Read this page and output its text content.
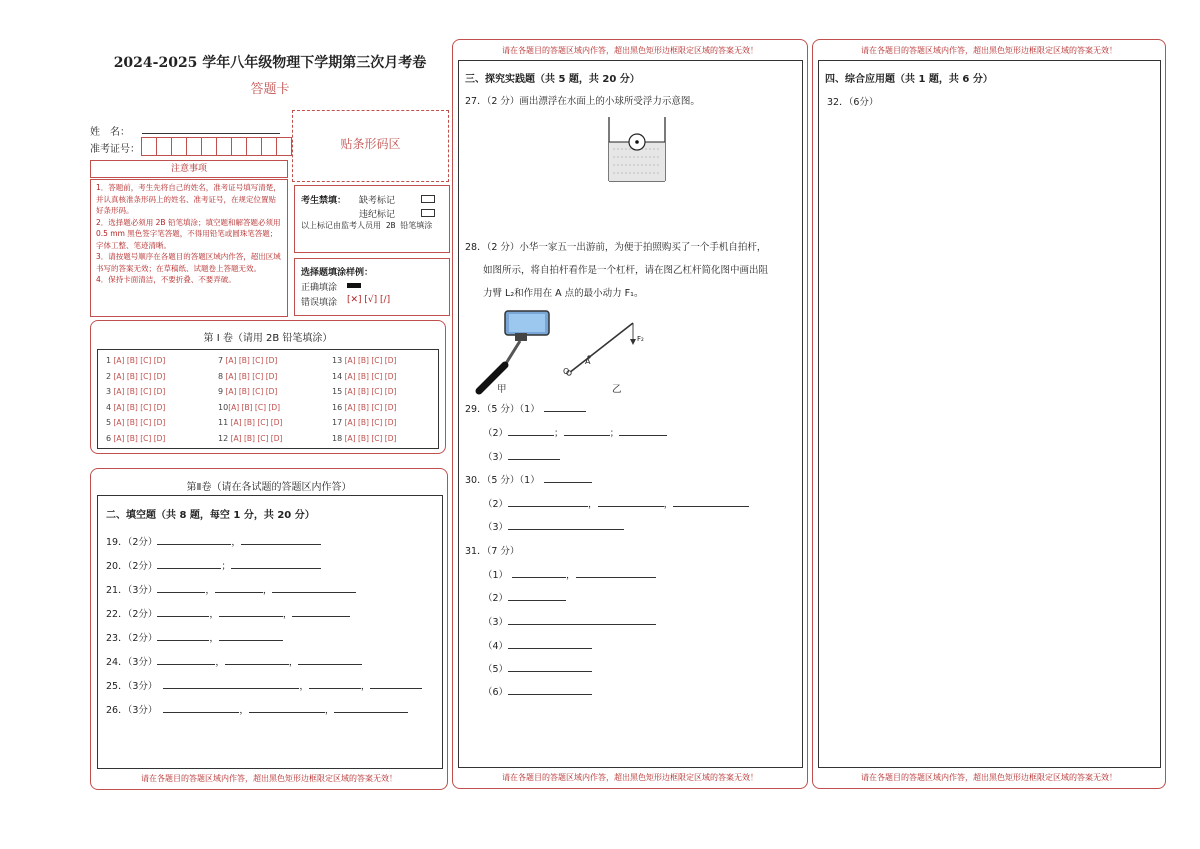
2024-2025 学年八年级物理下学期第三次月考卷
答题卡
姓　名：
准考证号：	贴条形码区
注意事项
1．答题前，考生先将自己的姓名，准考证号填写清楚，并认真核准条形码上的姓名、准考证号，在规定位置贴好条形码。
2．选择题必须用 2B 铅笔填涂；填空题和解答题必须用 0.5 mm 黑色签字笔答题，不得用铅笔或圆珠笔答题；字体工整、笔迹清晰。
3．请按题号顺序在各题目的答题区域内作答，超出区域书写的答案无效；在草稿纸、试题卷上答题无效。
4．保持卡面清洁，不要折叠、不要弄破。
考生禁填： 缺考标记
违纪标记
以上标记由监考人员用 2B 铅笔填涂
选择题填涂样例：
正确填涂
错误填涂 [✕] [√] [/]
第 I 卷（请用 2B 铅笔填涂）
1 [A] [B] [C] [D]
2 [A] [B] [C] [D]
3 [A] [B] [C] [D]
4 [A] [B] [C] [D]
5 [A] [B] [C] [D]
6 [A] [B] [C] [D]
7 [A] [B] [C] [D]
8 [A] [B] [C] [D]
9 [A] [B] [C] [D]
10[A] [B] [C] [D]
11 [A] [B] [C] [D]
12 [A] [B] [C] [D]
13 [A] [B] [C] [D]
14 [A] [B] [C] [D]
15 [A] [B] [C] [D]
16 [A] [B] [C] [D]
17 [A] [B] [C] [D]
18 [A] [B] [C] [D]
第Ⅱ卷（请在各试题的答题区内作答）
二、填空题（共 8 题，每空 1 分，共 20 分）
19．（2分）	，
20．（2分）	；
21．（3分）	，	，
22．（2分）	，	，
23．（2分）	，
24．（3分）	，	，
25．（3分）	，	，
26．（3分）	，	，
请在各题目的答题区域内作答，超出黑色矩形边框限定区域的答案无效！
请在各题目的答题区域内作答，超出黑色矩形边框限定区域的答案无效！
三、探究实践题（共 5 题，共 20 分）
27．（2 分）画出漂浮在水面上的小球所受浮力示意图。
28．（2 分）小华一家五一出游前，为便于拍照购买了一个手机自拍杆，
如图所示，将自拍杆看作是一个杠杆，请在图乙杠杆简化图中画出阻
力臂 L₂和作用在 A 点的最小动力 F₁。
甲
O
A
F₂
乙
29．（5 分）（1）
（2）	；	；
（3）
30．（5 分）（1）
（2）	，	，
（3）
31．（7 分）
（1）	，
（2）
（3）
（4）
（5）
（6）
请在各题目的答题区域内作答，超出黑色矩形边框限定区域的答案无效！
请在各题目的答题区域内作答，超出黑色矩形边框限定区域的答案无效！
四、综合应用题（共 1 题，共 6 分）
32．（6分）
请在各题目的答题区域内作答，超出黑色矩形边框限定区域的答案无效！
